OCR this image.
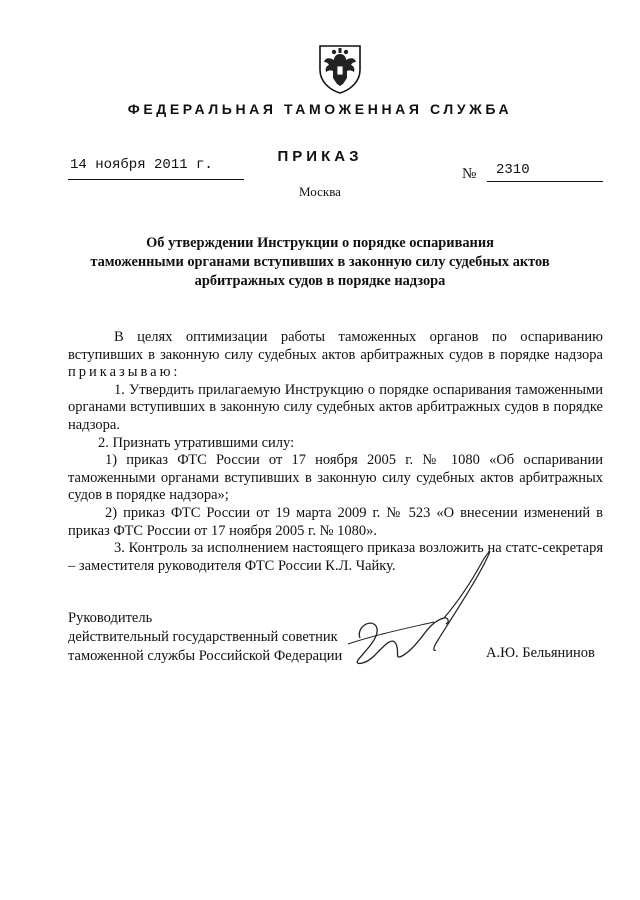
ФЕДЕРАЛЬНАЯ ТАМОЖЕННАЯ СЛУЖБА
14 ноября 2011 г.	ПРИКАЗ
№ 2310
Москва
Об утверждении Инструкции о порядке оспаривания
таможенными органами вступивших в законную силу судебных актов
арбитражных судов в порядке надзора

В целях оптимизации работы таможенных органов по оспариванию вступивших в законную силу судебных актов арбитражных судов в порядке надзора приказываю:

1. Утвердить прилагаемую Инструкцию о порядке оспаривания таможенными органами вступивших в законную силу судебных актов арбитражных судов в порядке надзора.

2. Признать утратившими силу:

1) приказ ФТС России от 17 ноября 2005 г. № 1080 «Об оспаривании таможенными органами вступивших в законную силу судебных актов арбитражных судов в порядке надзора»;

2) приказ ФТС России от 19 марта 2009 г. № 523 «О внесении изменений в приказ ФТС России от 17 ноября 2005 г. № 1080».

3. Контроль за исполнением настоящего приказа возложить на статс-секретаря – заместителя руководителя ФТС России К.Л. Чайку.

Руководитель
действительный государственный советник
таможенной службы Российской Федерации	А.Ю. Бельянинов
